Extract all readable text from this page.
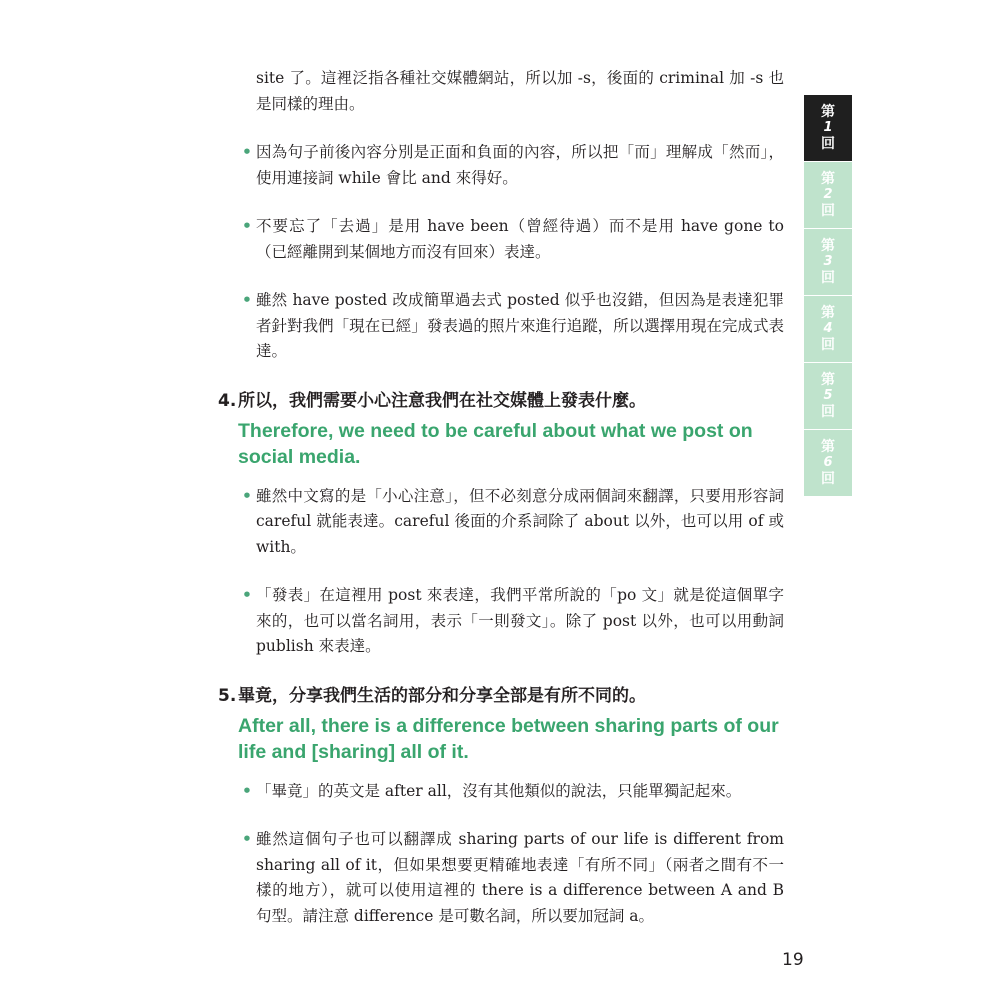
site 了。這裡泛指各種社交媒體網站，所以加 -s，後面的 criminal 加 -s 也是同樣的理由。

• 因為句子前後內容分別是正面和負面的內容，所以把「而」理解成「然而」，使用連接詞 while 會比 and 來得好。

• 不要忘了「去過」是用 have been（曾經待過）而不是用 have gone to（已經離開到某個地方而沒有回來）表達。

• 雖然 have posted 改成簡單過去式 posted 似乎也沒錯，但因為是表達犯罪者針對我們「現在已經」發表過的照片來進行追蹤，所以選擇用現在完成式表達。

4. 所以，我們需要小心注意我們在社交媒體上發表什麼。
Therefore, we need to be careful about what we post on social media.

• 雖然中文寫的是「小心注意」，但不必刻意分成兩個詞來翻譯，只要用形容詞 careful 就能表達。careful 後面的介系詞除了 about 以外，也可以用 of 或 with。

• 「發表」在這裡用 post 來表達，我們平常所說的「po 文」就是從這個單字來的，也可以當名詞用，表示「一則發文」。除了 post 以外，也可以用動詞 publish 來表達。

5. 畢竟，分享我們生活的部分和分享全部是有所不同的。
After all, there is a difference between sharing parts of our life and [sharing] all of it.

• 「畢竟」的英文是 after all，沒有其他類似的說法，只能單獨記起來。

• 雖然這個句子也可以翻譯成 sharing parts of our life is different from sharing all of it，但如果想要更精確地表達「有所不同」（兩者之間有不一樣的地方），就可以使用這裡的 there is a difference between A and B 句型。請注意 difference 是可數名詞，所以要加冠詞 a。

第
1
回
第
2
回
第
3
回
第
4
回
第
5
回
第
6
回
19
